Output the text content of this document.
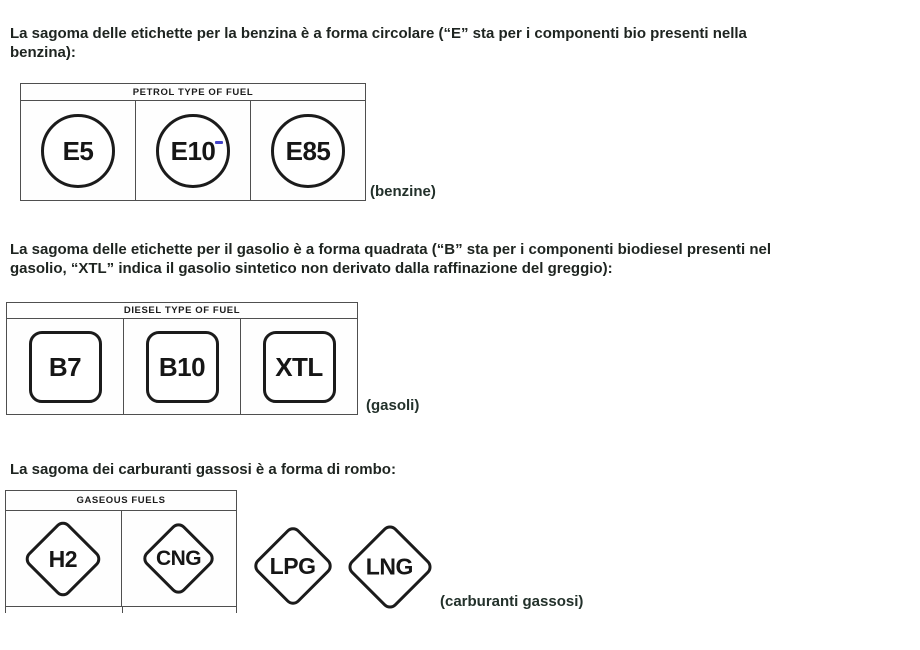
La sagoma delle etichette per la benzina è a forma circolare (“E” sta per i componenti bio presenti nella
benzina):
PETROL TYPE OF FUEL
E5	E10	E85
(benzine)
La sagoma delle etichette per il gasolio è a forma quadrata (“B” sta per i componenti biodiesel presenti nel
gasolio, “XTL” indica il gasolio sintetico non derivato dalla raffinazione del greggio):
DIESEL TYPE OF FUEL
B7	B10	XTL
(gasoli)
La sagoma dei carburanti gassosi è a forma di rombo:
GASEOUS FUELS
H2	CNG	LPG LNG
(carburanti gassosi)
